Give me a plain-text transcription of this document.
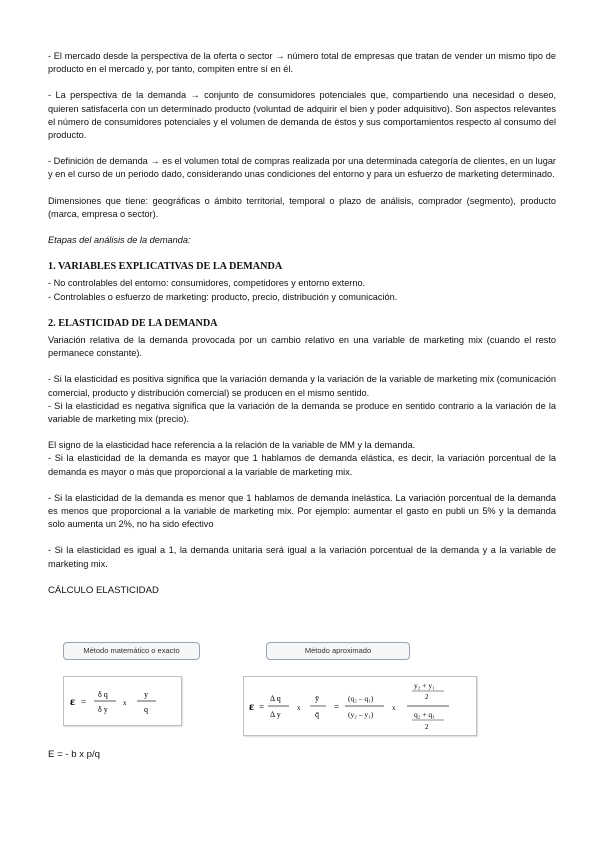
- El mercado desde la perspectiva de la oferta o sector → número total de empresas que tratan de vender un mismo tipo de producto en el mercado y, por tanto, compiten entre sí en él.

- La perspectiva de la demanda → conjunto de consumidores potenciales que, compartiendo una necesidad o deseo, quieren satisfacerla con un determinado producto (voluntad de adquirir el bien y poder adquisitivo). Son aspectos relevantes el número de consumidores potenciales y el volumen de demanda de éstos y sus comportamientos respecto al consumo del producto.

- Definición de demanda → es el volumen total de compras realizada por una determinada categoría de clientes, en un lugar y en el curso de un periodo dado, considerando unas condiciones del entorno y para un esfuerzo de marketing determinado.

Dimensiones que tiene: geográficas o ámbito territorial, temporal o plazo de análisis, comprador (segmento), producto (marca, empresa o sector).

Etapas del análisis de la demanda:

1. VARIABLES EXPLICATIVAS DE LA DEMANDA

- No controlables del entorno: consumidores, competidores y entorno externo.

- Controlables o esfuerzo de marketing: producto, precio, distribución y comunicación.

2. ELASTICIDAD DE LA DEMANDA

Variación relativa de la demanda provocada por un cambio relativo en una variable de marketing mix (cuando el resto permanece constante).

- Si la elasticidad es positiva significa que la variación demanda y la variación de la variable de marketing mix (comunicación comercial, producto y distribución comercial) se producen en el mismo sentido.

- Si la elasticidad es negativa significa que la variación de la demanda se produce en sentido contrario a la variación de la variable de marketing mix (precio).

El signo de la elasticidad hace referencia a la relación de la variable de MM y la demanda.

- Si la elasticidad de la demanda es mayor que 1 hablamos de demanda elástica, es decir, la variación porcentual de la demanda es mayor o más que proporcional a la variable de marketing mix.

- Si la elasticidad de la demanda es menor que 1 hablamos de demanda inelástica. La variación porcentual de la demanda es menos que proporcional a la variable de marketing mix. Por ejemplo: aumentar el gasto en publi un 5% y la demanda solo aumenta un 2%, no ha sido efectivo

- Si la elasticidad es igual a 1, la demanda unitaria será igual a la variación porcentual de la demanda y a la variable de marketing mix.

CÁLCULO ELASTICIDAD
Método matemático o exacto
ε =
δ q
δ y
x
y
q
Método aproximado
ε =
Δ q
Δ y
x
ȳ
q̄
=
(q₂ – q₁)
(y₂ – y₁)
x
y₂ + y₁
2
q₂ + q₁
2
E = - b x p/q
